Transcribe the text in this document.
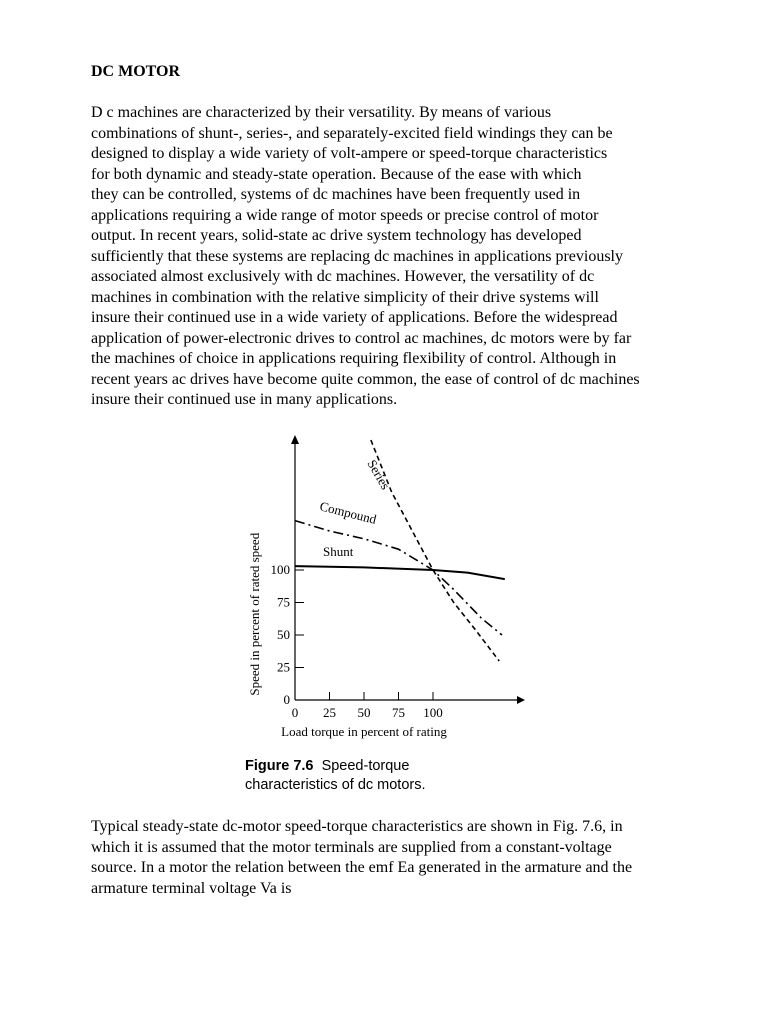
DC MOTOR

D c machines are characterized by their versatility. By means of various
combinations of shunt-, series-, and separately-excited field windings they can be
designed to display a wide variety of volt-ampere or speed-torque characteristics
for both dynamic and steady-state operation. Because of the ease with which
they can be controlled, systems of dc machines have been frequently used in
applications requiring a wide range of motor speeds or precise control of motor
output. In recent years, solid-state ac drive system technology has developed
sufficiently that these systems are replacing dc machines in applications previously
associated almost exclusively with dc machines. However, the versatility of dc
machines in combination with the relative simplicity of their drive systems will
insure their continued use in a wide variety of applications. Before the widespread
application of power-electronic drives to control ac machines, dc motors were by far
the machines of choice in applications requiring flexibility of control. Although in
recent years ac drives have become quite common, the ease of control of dc machines
insure their continued use in many applications.

0 25 50 75 100
0
25
50
75
100
Load torque in percent of rating
Speed in percent of rated speed
Series
Compound
Shunt
Figure 7.6 Speed-torque
characteristics of dc motors.

Typical steady-state dc-motor speed-torque characteristics are shown in Fig. 7.6, in
which it is assumed that the motor terminals are supplied from a constant-voltage
source. In a motor the relation between the emf Ea generated in the armature and the
armature terminal voltage Va is
